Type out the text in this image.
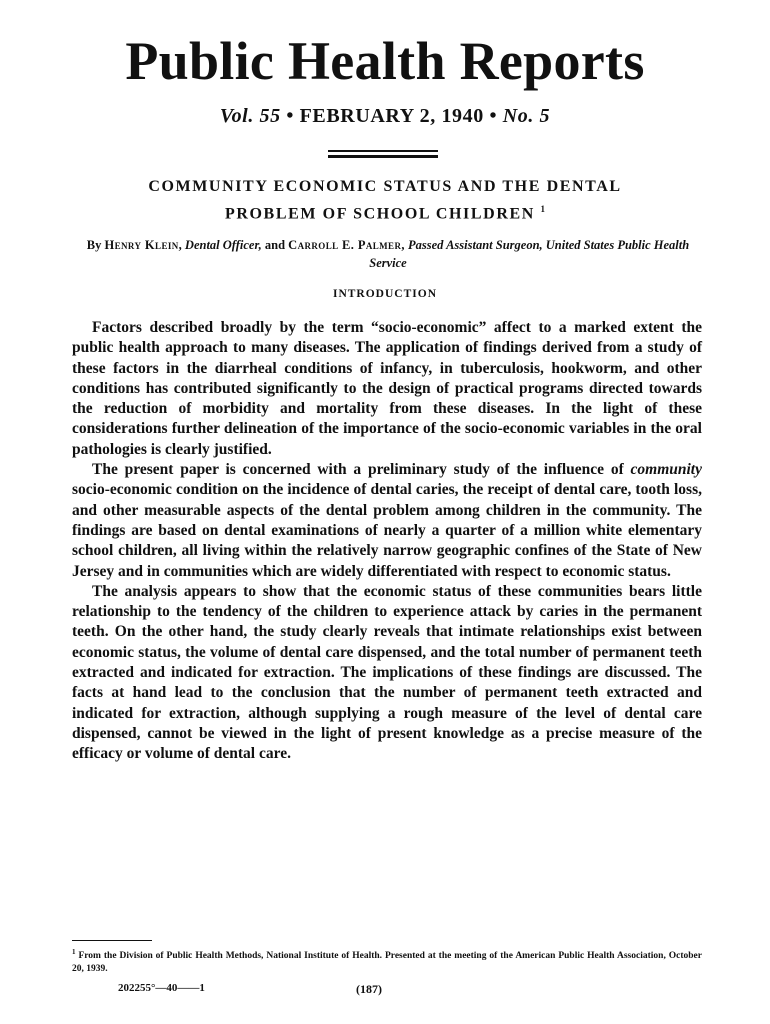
Public Health Reports
Vol. 55 • FEBRUARY 2, 1940 • No. 5
COMMUNITY ECONOMIC STATUS AND THE DENTAL
PROBLEM OF SCHOOL CHILDREN $^1$
By Henry Klein, Dental Officer, and Carroll E. Palmer, Passed Assistant Surgeon, United States Public Health Service
INTRODUCTION

Factors described broadly by the term “socio-economic” affect to a marked extent the public health approach to many diseases. The application of findings derived from a study of these factors in the diarrheal conditions of infancy, in tuberculosis, hookworm, and other conditions has contributed significantly to the design of practical programs directed towards the reduction of morbidity and mortality from these diseases. In the light of these considerations further delineation of the importance of the socio-economic variables in the oral pathologies is clearly justified.

The present paper is concerned with a preliminary study of the influence of community socio-economic condition on the incidence of dental caries, the receipt of dental care, tooth loss, and other measurable aspects of the dental problem among children in the community. The findings are based on dental examinations of nearly a quarter of a million white elementary school children, all living within the relatively narrow geographic confines of the State of New Jersey and in communities which are widely differentiated with respect to economic status.

The analysis appears to show that the economic status of these communities bears little relationship to the tendency of the children to experience attack by caries in the permanent teeth. On the other hand, the study clearly reveals that intimate relationships exist between economic status, the volume of dental care dispensed, and the total number of permanent teeth extracted and indicated for extraction. The implications of these findings are discussed. The facts at hand lead to the conclusion that the number of permanent teeth extracted and indicated for extraction, although supplying a rough measure of the level of dental care dispensed, cannot be viewed in the light of present knowledge as a precise measure of the efficacy or volume of dental care.

$^1$ From the Division of Public Health Methods, National Institute of Health. Presented at the meeting of the American Public Health Association, October 20, 1939.
202255°—40——1	(187)
